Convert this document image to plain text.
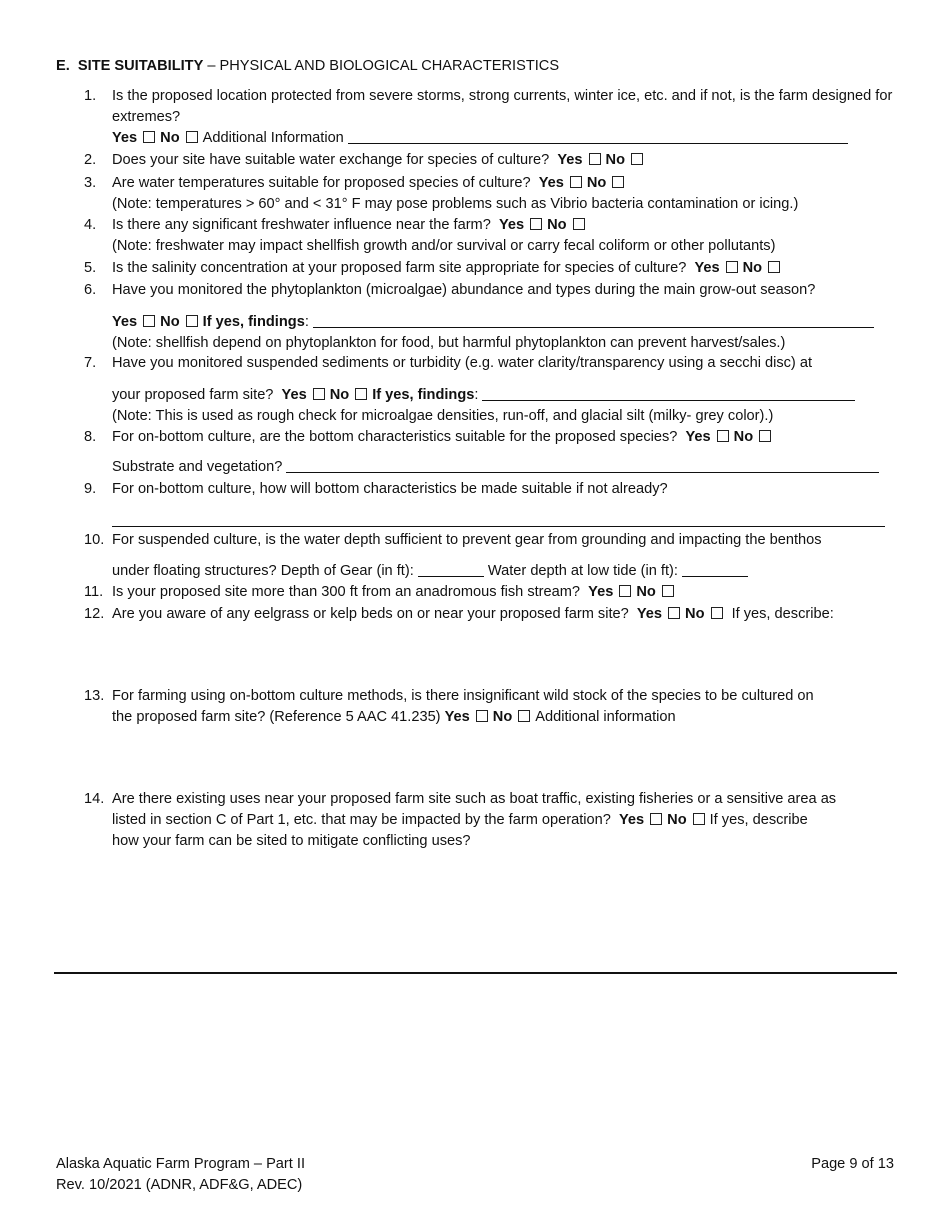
E. SITE SUITABILITY – PHYSICAL AND BIOLOGICAL CHARACTERISTICS
1.	Is the proposed location protected from severe storms, strong currents, winter ice, etc. and if not, is the farm designed for extremes?
Yes No Additional Information
2.	Does your site have suitable water exchange for species of culture? Yes No
3.	Are water temperatures suitable for proposed species of culture? Yes No
(Note: temperatures > 60° and < 31° F may pose problems such as Vibrio bacteria contamination or icing.)
4.	Is there any significant freshwater influence near the farm? Yes No
(Note: freshwater may impact shellfish growth and/or survival or carry fecal coliform or other pollutants)
5.	Is the salinity concentration at your proposed farm site appropriate for species of culture? Yes No
6.	Have you monitored the phytoplankton (microalgae) abundance and types during the main grow-out season?
Yes No If yes, findings:
(Note: shellfish depend on phytoplankton for food, but harmful phytoplankton can prevent harvest/sales.)
7.	Have you monitored suspended sediments or turbidity (e.g. water clarity/transparency using a secchi disc) at
your proposed farm site? Yes No If yes, findings:
(Note: This is used as rough check for microalgae densities, run-off, and glacial silt (milky- grey color).)
8.	For on-bottom culture, are the bottom characteristics suitable for the proposed species? Yes No
Substrate and vegetation?
9.	For on-bottom culture, how will bottom characteristics be made suitable if not already?
10. For suspended culture, is the water depth sufficient to prevent gear from grounding and impacting the benthos
under floating structures? Depth of Gear (in ft):	Water depth at low tide (in ft):
11. Is your proposed site more than 300 ft from an anadromous fish stream? Yes No
12. Are you aware of any eelgrass or kelp beds on or near your proposed farm site? Yes No If yes, describe:
13. For farming using on-bottom culture methods, is there insignificant wild stock of the species to be cultured on
the proposed farm site? (Reference 5 AAC 41.235) Yes No Additional information
14. Are there existing uses near your proposed farm site such as boat traffic, existing fisheries or a sensitive area as
listed in section C of Part 1, etc. that may be impacted by the farm operation? Yes No If yes, describe
how your farm can be sited to mitigate conflicting uses?
Alaska Aquatic Farm Program – Part II
Rev. 10/2021 (ADNR, ADF&G, ADEC)
Page 9 of 13
